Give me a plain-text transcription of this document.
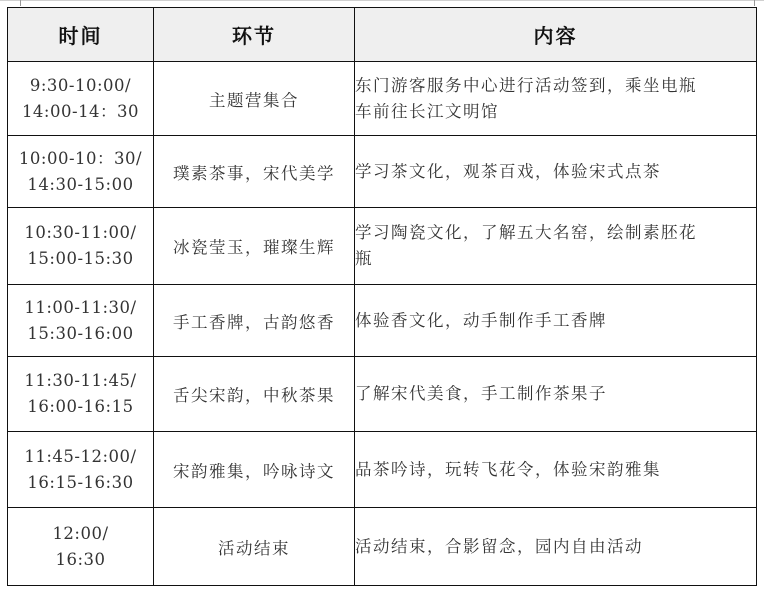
时间	环节	内容

9:30-10:00/
14:00-14：30	主题营集合	东门游客服务中心进行活动签到，乘坐电瓶
车前往长江文明馆

10:00-10：30/
14:30-15:00	璞素茶事，宋代美学	学习茶文化，观茶百戏，体验宋式点茶

10:30-11:00/
15:00-15:30	冰瓷莹玉，璀璨生辉	学习陶瓷文化，了解五大名窑，绘制素胚花
瓶

11:00-11:30/
15:30-16:00	手工香牌，古韵悠香	体验香文化，动手制作手工香牌

11:30-11:45/
16:00-16:15	舌尖宋韵，中秋茶果	了解宋代美食，手工制作茶果子

11:45-12:00/
16:15-16:30	宋韵雅集，吟咏诗文	品茶吟诗，玩转飞花令，体验宋韵雅集

12:00/
16:30	活动结束	活动结束，合影留念，园内自由活动
